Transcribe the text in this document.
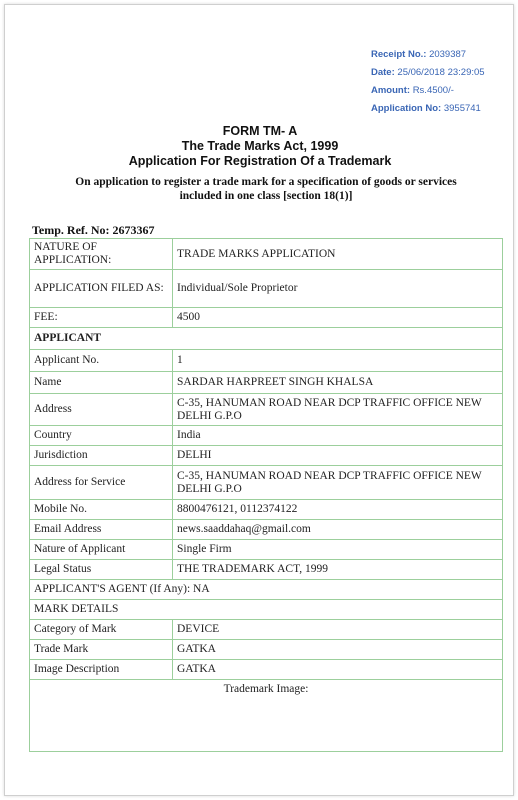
Receipt No.: 2039387
Date: 25/06/2018 23:29:05
Amount: Rs.4500/-
Application No: 3955741
FORM TM- A
The Trade Marks Act, 1999
Application For Registration Of a Trademark
On application to register a trade mark for a specification of goods or services
included in one class [section 18(1)]
Temp. Ref. No: 2673367
NATURE OF APPLICATION:	TRADE MARKS APPLICATION
APPLICATION FILED AS:	Individual/Sole Proprietor
FEE:	4500
APPLICANT	
Applicant No.	1
Name	SARDAR HARPREET SINGH KHALSA
Address	C-35, HANUMAN ROAD NEAR DCP TRAFFIC OFFICE NEW DELHI G.P.O
Country	India
Jurisdiction	DELHI
Address for Service	C-35, HANUMAN ROAD NEAR DCP TRAFFIC OFFICE NEW DELHI G.P.O
Mobile No.	8800476121, 0112374122
Email Address	news.saaddahaq@gmail.com
Nature of Applicant	Single Firm
Legal Status	THE TRADEMARK ACT, 1999
APPLICANT'S AGENT (If Any): NA	
MARK DETAILS	
Category of Mark	DEVICE
Trade Mark	GATKA
Image Description	GATKA
Trademark Image:	
